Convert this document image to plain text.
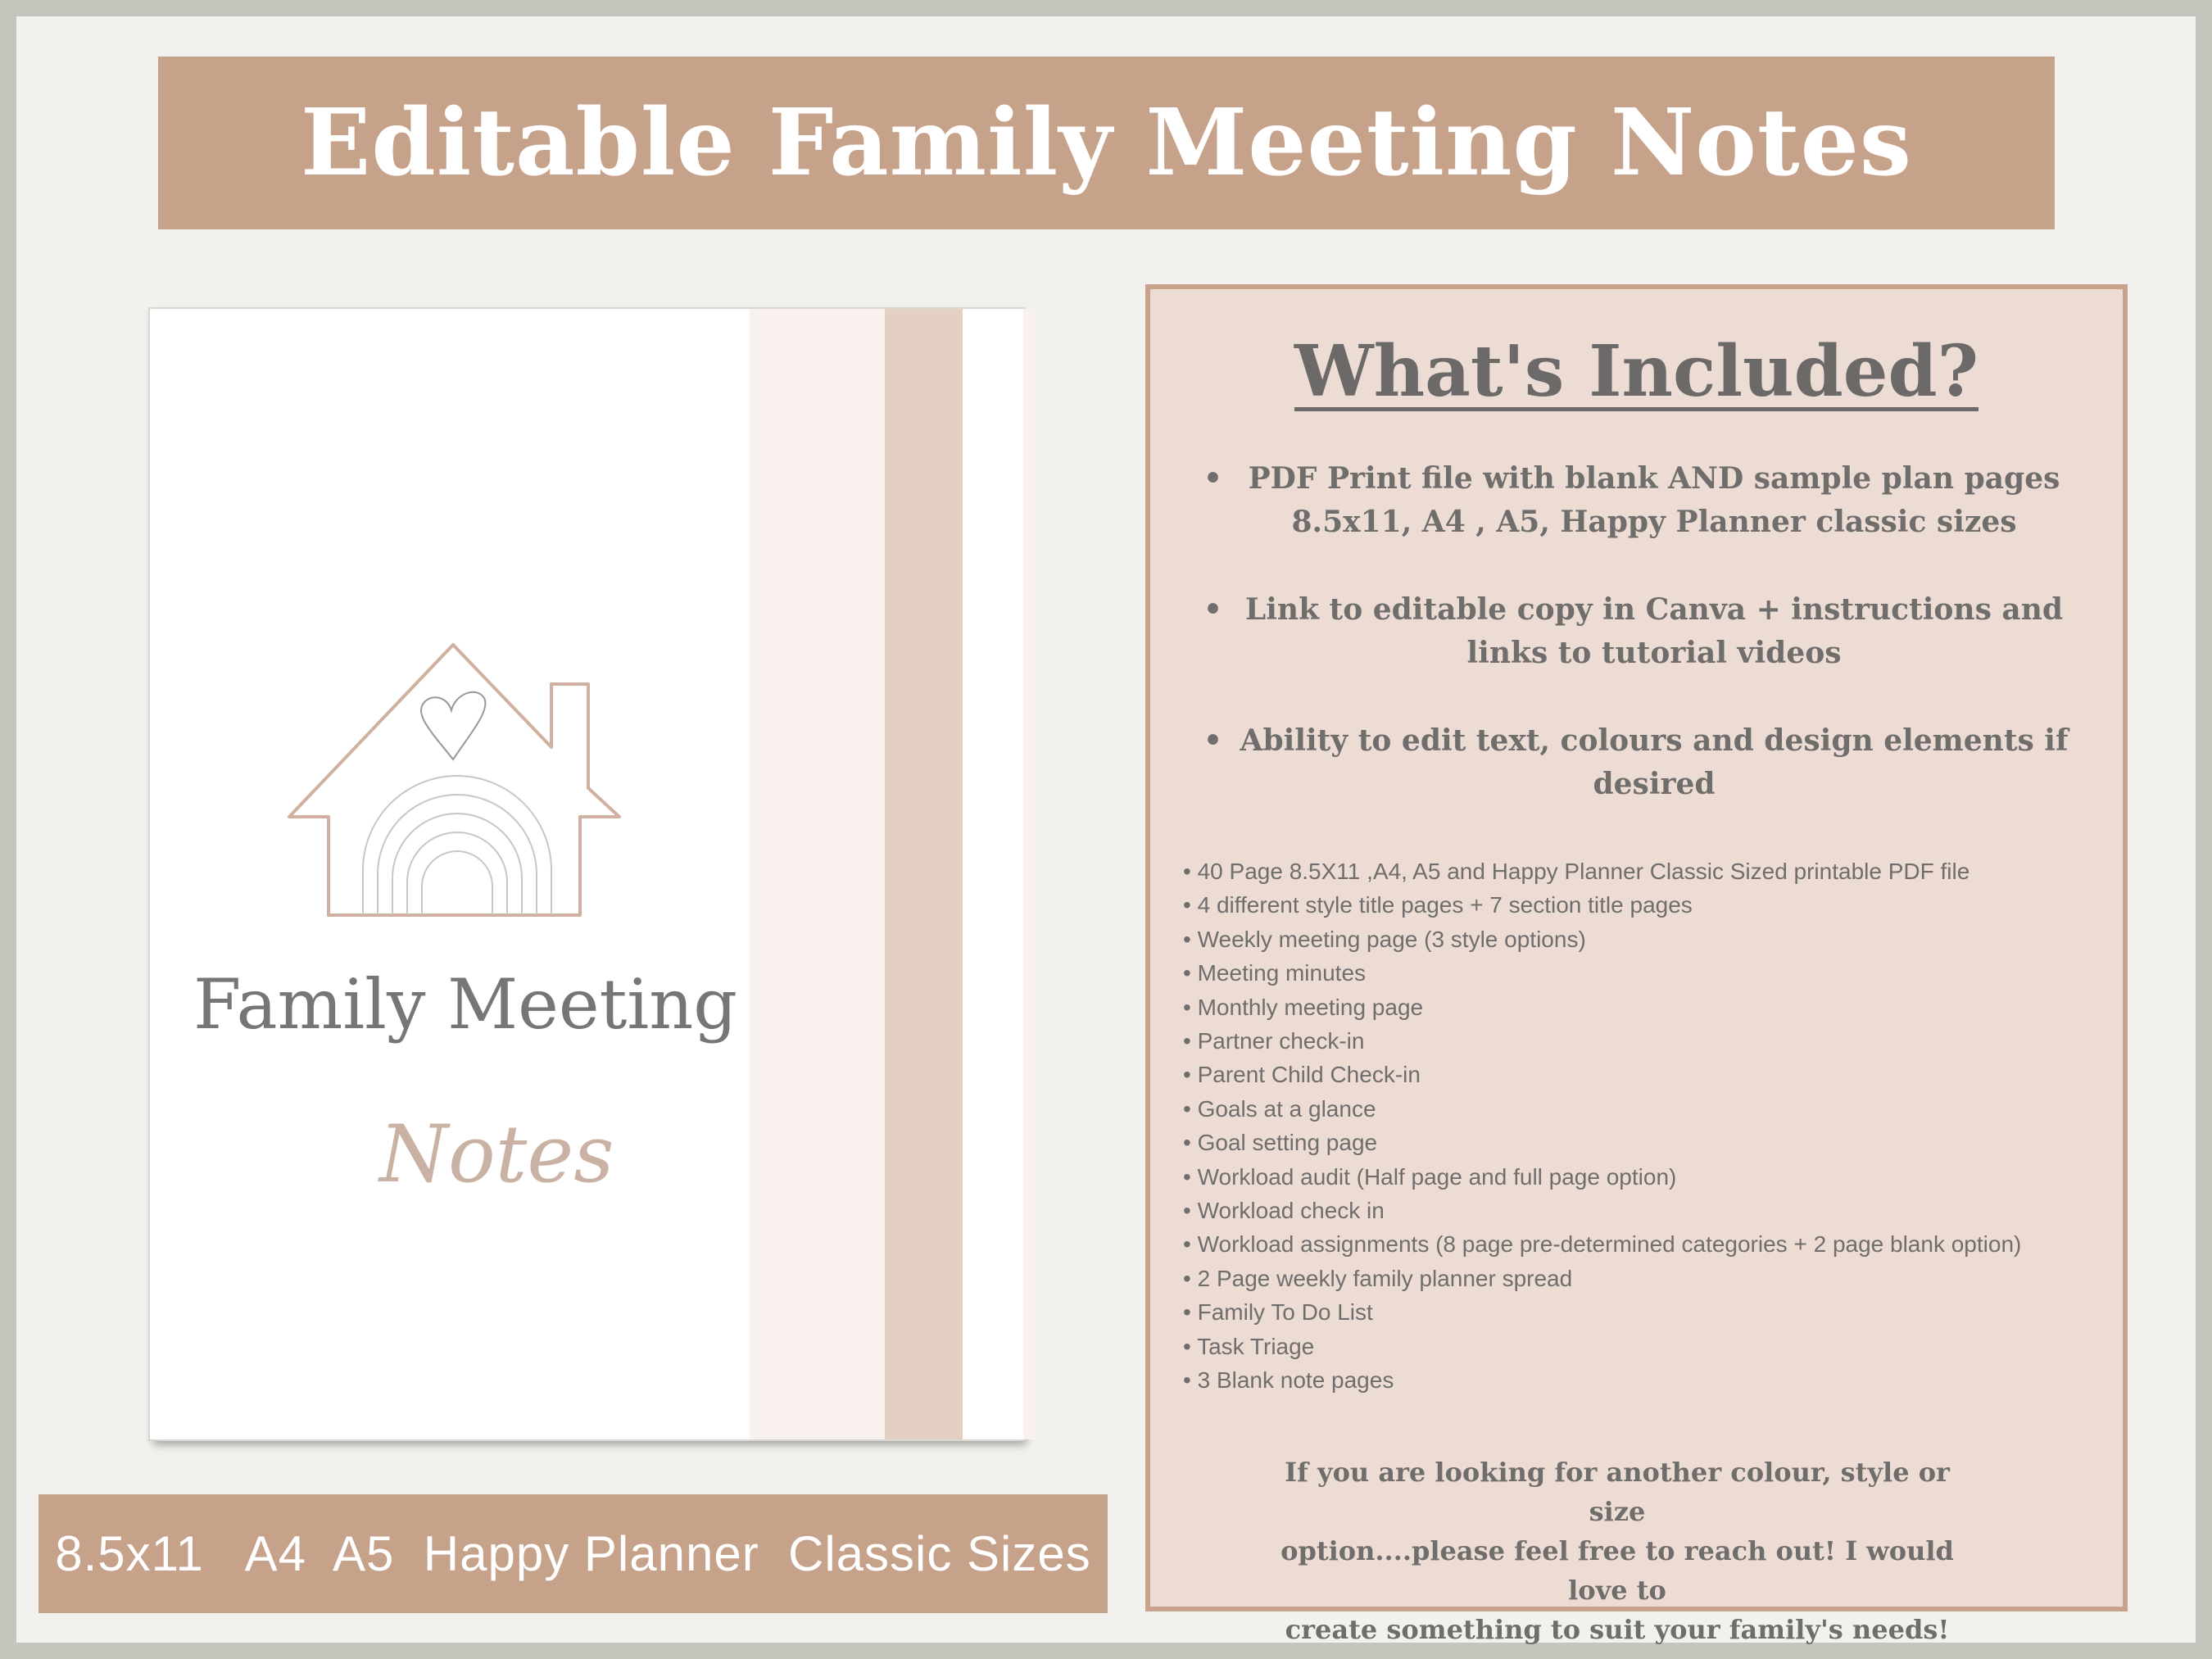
Editable Family Meeting Notes
Family Meeting
Notes
8.5x11   A4  A5  Happy Planner  Classic Sizes
What's Included?
• PDF Print file with blank AND sample plan pages
8.5x11, A4 , A5, Happy Planner classic sizes
• Link to editable copy in Canva + instructions and
links to tutorial videos
• Ability to edit text, colours and design elements if
desired
• 40 Page 8.5X11 ,A4, A5 and Happy Planner Classic Sized printable PDF file
• 4 different style title pages + 7 section title pages
• Weekly meeting page (3 style options)
• Meeting minutes
• Monthly meeting page
• Partner check-in
• Parent Child Check-in
• Goals at a glance
• Goal setting page
• Workload audit (Half page and full page option)
• Workload check in
• Workload assignments (8 page pre-determined categories + 2 page blank option)
• 2 Page weekly family planner spread
• Family To Do List
• Task Triage
• 3 Blank note pages
If you are looking for another colour, style or size
option....please feel free to reach out! I would love to
create something to suit your family's needs!
